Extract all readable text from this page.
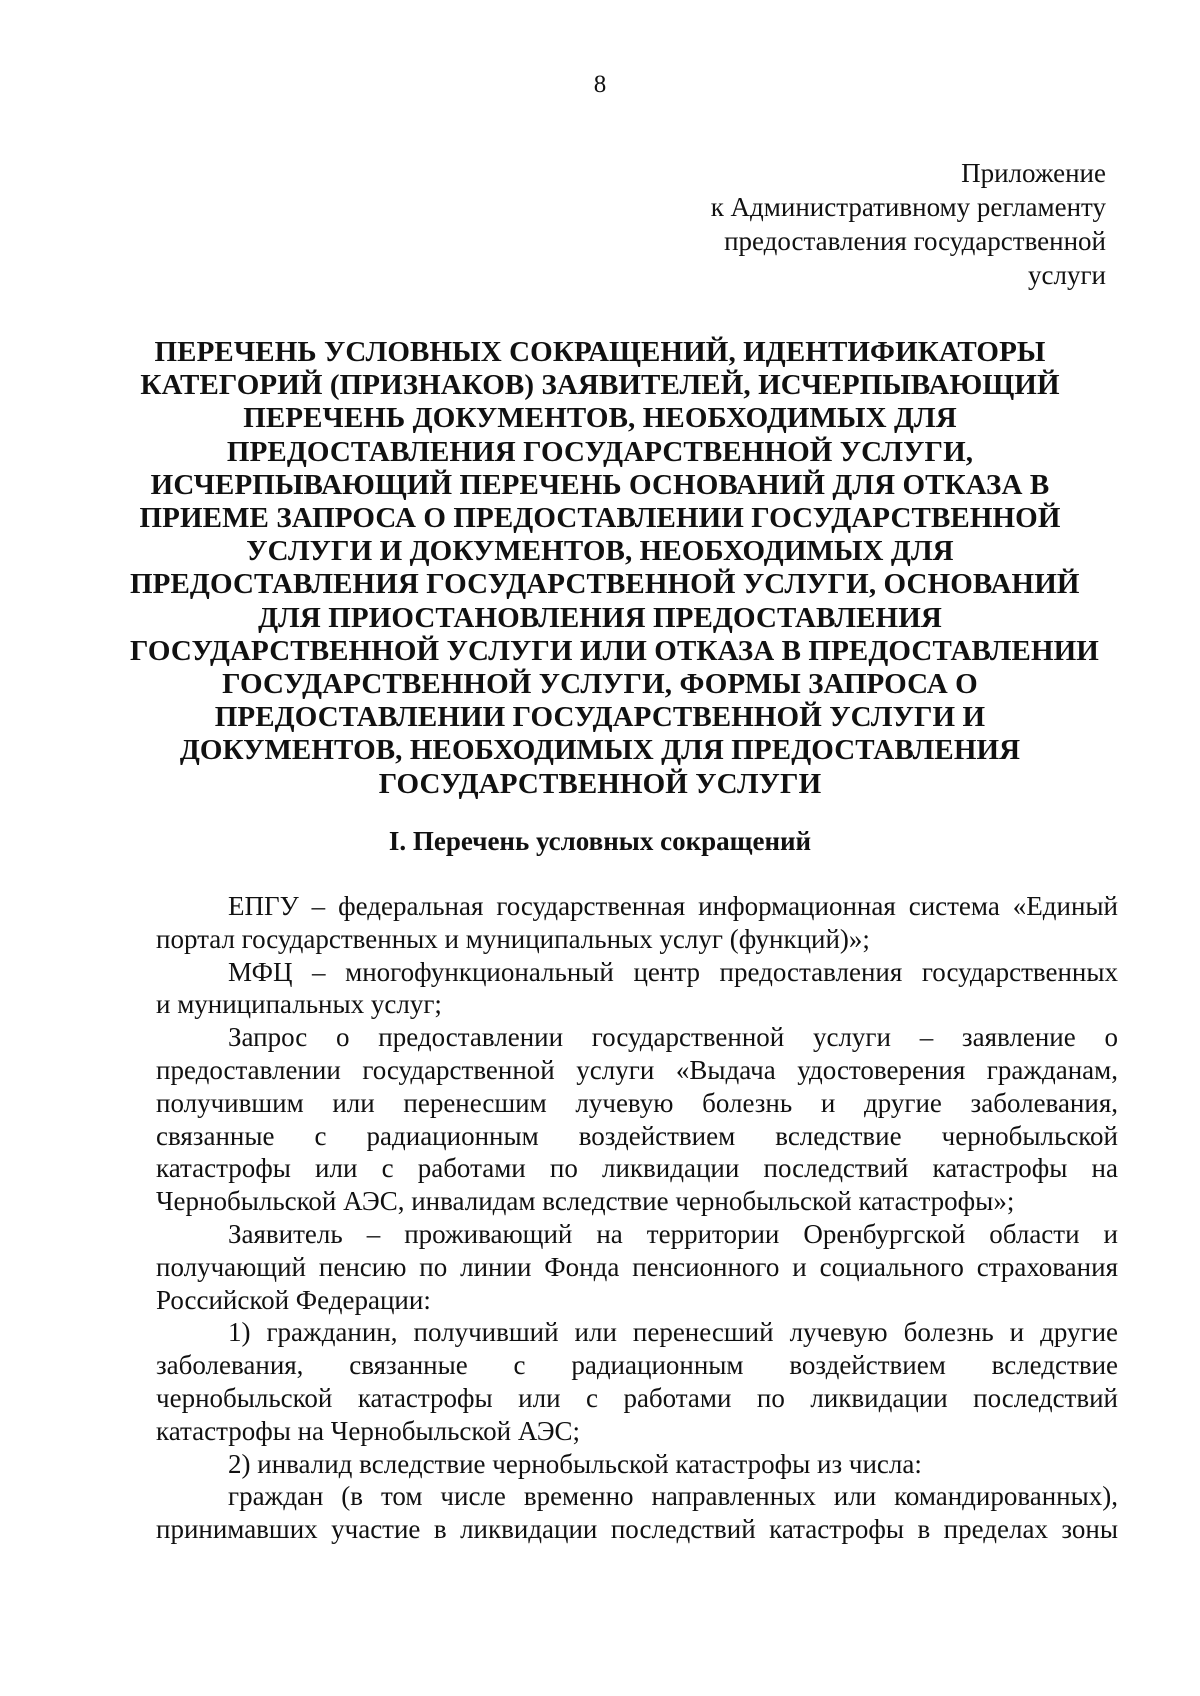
8
Приложение
к Административному регламенту
предоставления государственной
услуги
ПЕРЕЧЕНЬ УСЛОВНЫХ СОКРАЩЕНИЙ, ИДЕНТИФИКАТОРЫ
КАТЕГОРИЙ (ПРИЗНАКОВ) ЗАЯВИТЕЛЕЙ, ИСЧЕРПЫВАЮЩИЙ
ПЕРЕЧЕНЬ ДОКУМЕНТОВ, НЕОБХОДИМЫХ ДЛЯ
ПРЕДОСТАВЛЕНИЯ ГОСУДАРСТВЕННОЙ УСЛУГИ,
ИСЧЕРПЫВАЮЩИЙ ПЕРЕЧЕНЬ ОСНОВАНИЙ ДЛЯ ОТКАЗА В
ПРИЕМЕ ЗАПРОСА О ПРЕДОСТАВЛЕНИИ ГОСУДАРСТВЕННОЙ
УСЛУГИ И ДОКУМЕНТОВ, НЕОБХОДИМЫХ ДЛЯ
ПРЕДОСТАВЛЕНИЯ ГОСУДАРСТВЕННОЙ УСЛУГИ, ОСНОВАНИЙ
ДЛЯ ПРИОСТАНОВЛЕНИЯ ПРЕДОСТАВЛЕНИЯ
ГОСУДАРСТВЕННОЙ УСЛУГИ ИЛИ ОТКАЗА В ПРЕДОСТАВЛЕНИИ
ГОСУДАРСТВЕННОЙ УСЛУГИ, ФОРМЫ ЗАПРОСА О
ПРЕДОСТАВЛЕНИИ ГОСУДАРСТВЕННОЙ УСЛУГИ И
ДОКУМЕНТОВ, НЕОБХОДИМЫХ ДЛЯ ПРЕДОСТАВЛЕНИЯ
ГОСУДАРСТВЕННОЙ УСЛУГИ
I. Перечень условных сокращений
ЕПГУ – федеральная государственная информационная система «Единый
портал государственных и муниципальных услуг (функций)»;
МФЦ – многофункциональный центр предоставления государственных
и муниципальных услуг;
Запрос о предоставлении государственной услуги – заявление о
предоставлении государственной услуги «Выдача удостоверения гражданам,
получившим или перенесшим лучевую болезнь и другие заболевания,
связанные с радиационным воздействием вследствие чернобыльской
катастрофы или с работами по ликвидации последствий катастрофы на
Чернобыльской АЭС, инвалидам вследствие чернобыльской катастрофы»;
Заявитель – проживающий на территории Оренбургской области и
получающий пенсию по линии Фонда пенсионного и социального страхования
Российской Федерации:
1) гражданин, получивший или перенесший лучевую болезнь и другие
заболевания, связанные с радиационным воздействием вследствие
чернобыльской катастрофы или с работами по ликвидации последствий
катастрофы на Чернобыльской АЭС;
2) инвалид вследствие чернобыльской катастрофы из числа:
граждан (в том числе временно направленных или командированных),
принимавших участие в ликвидации последствий катастрофы в пределах зоны
